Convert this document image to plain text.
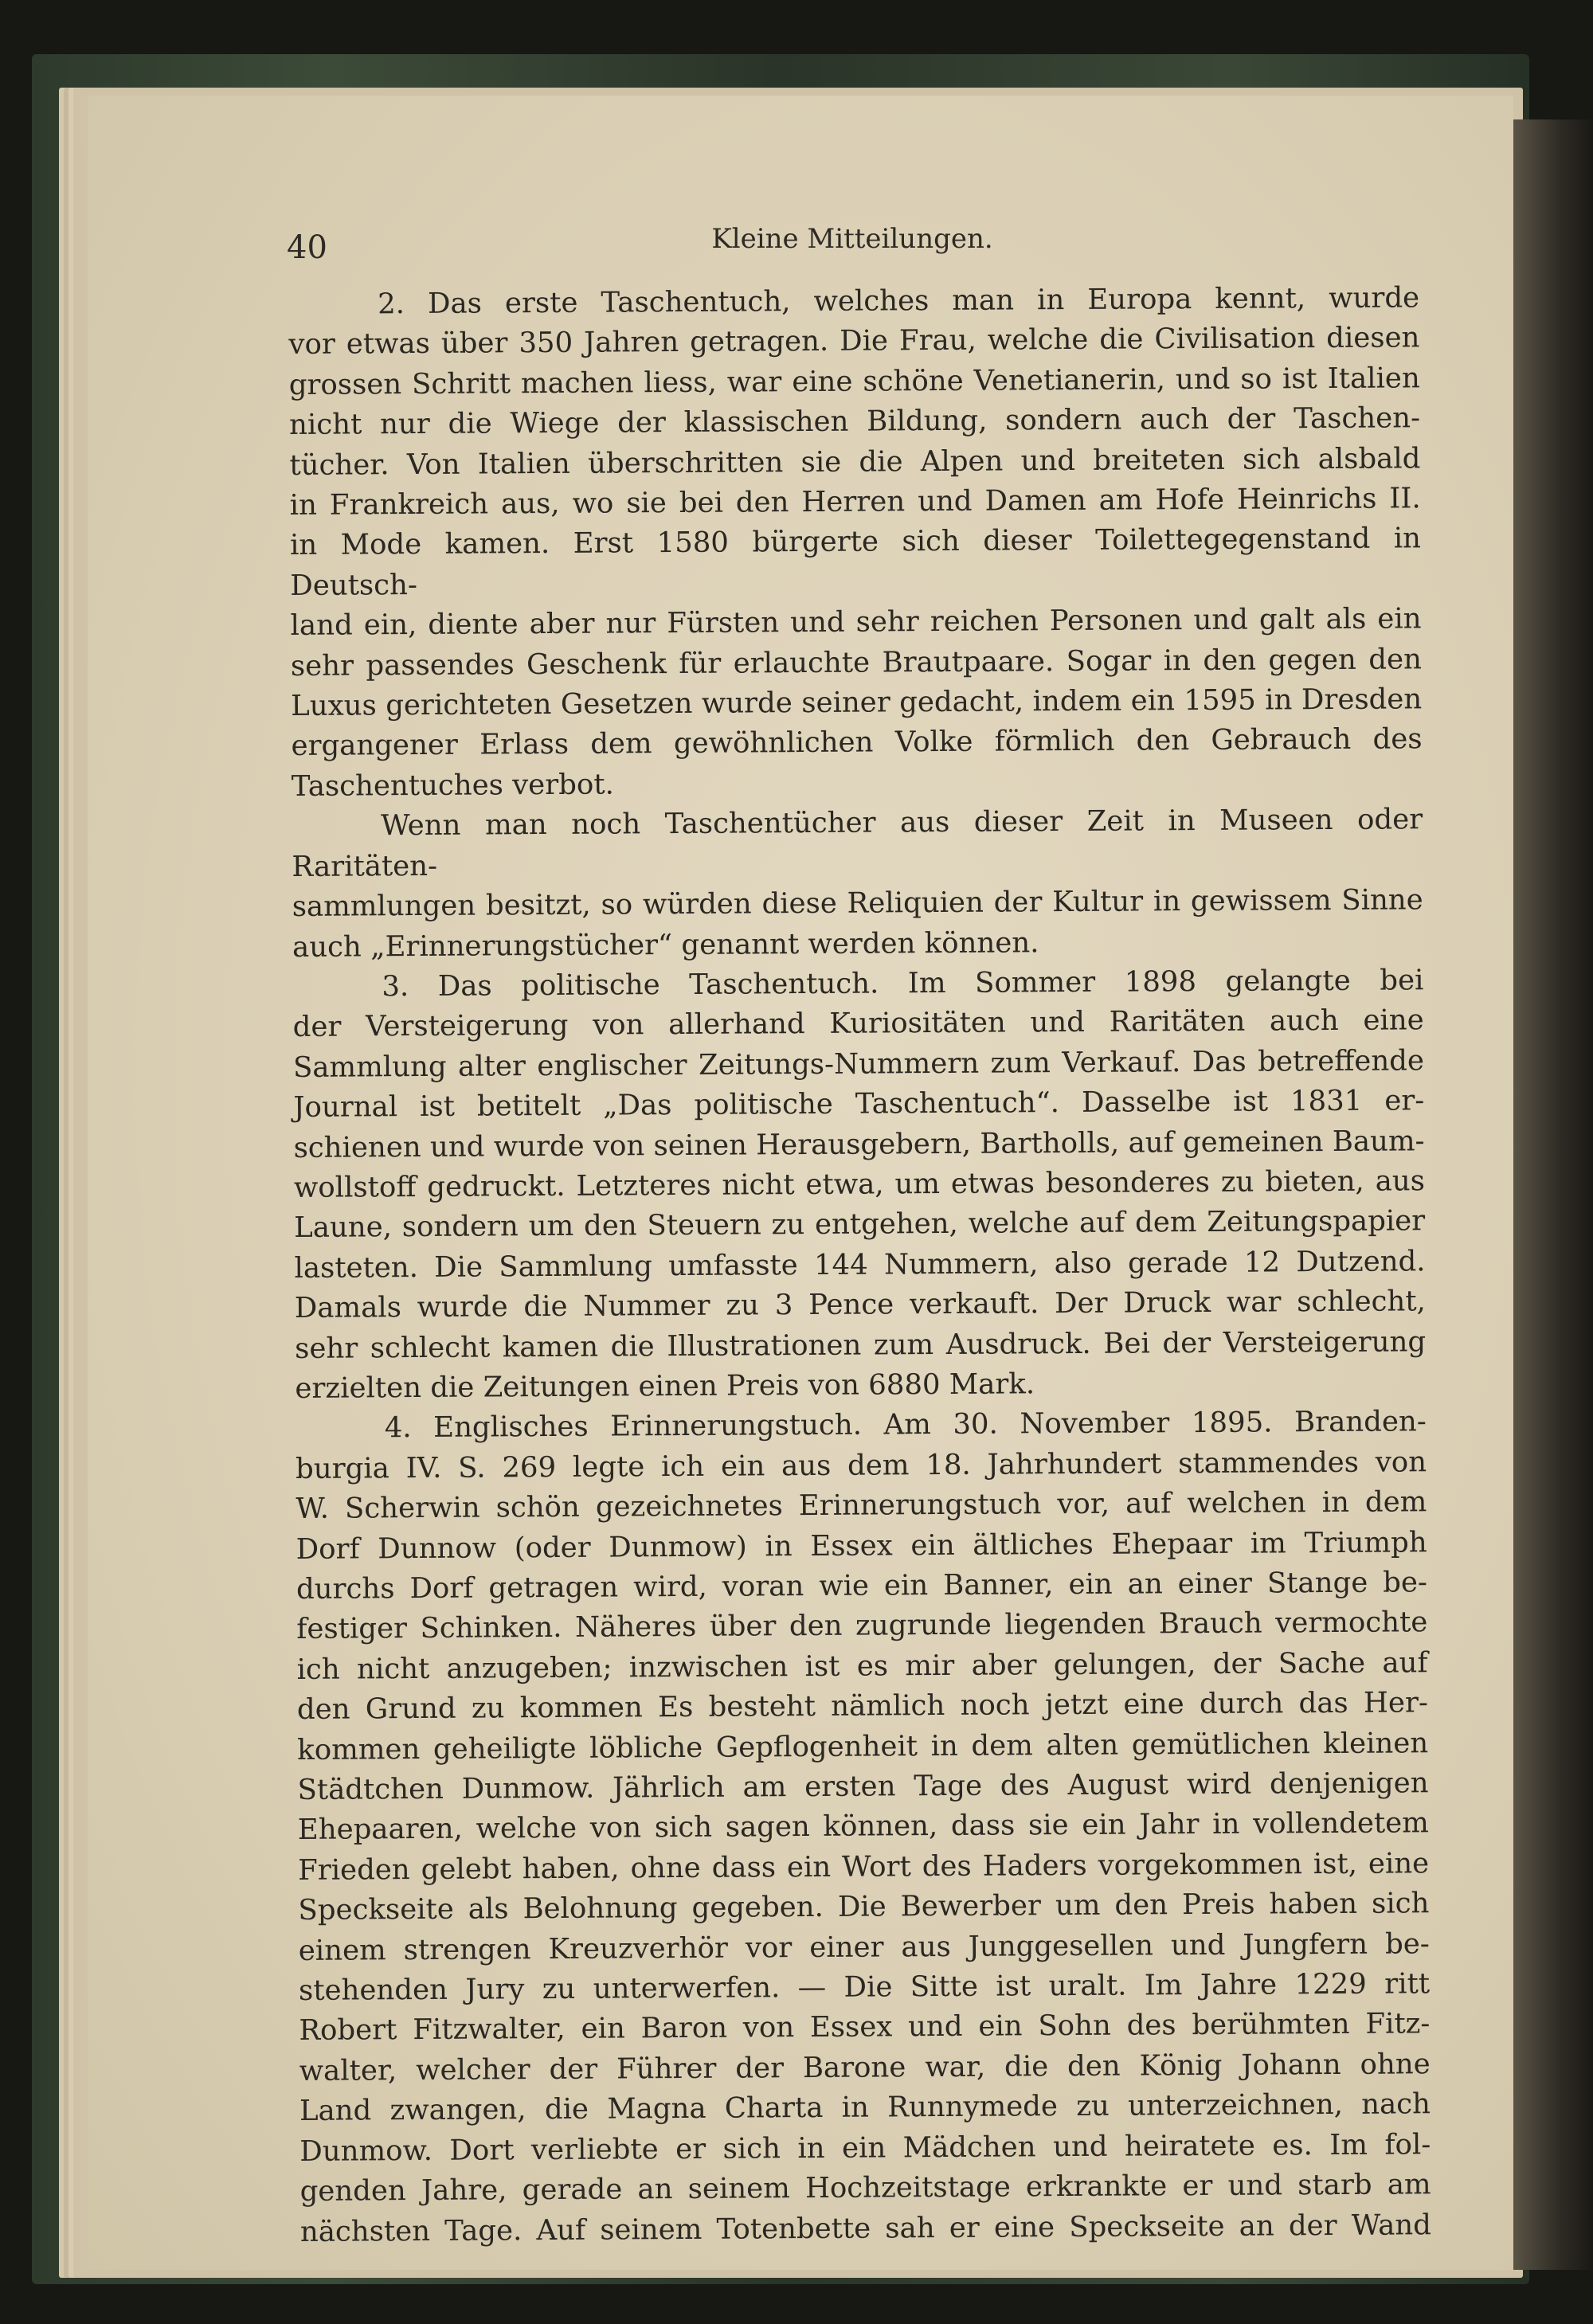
40	Kleine Mitteilungen.
2. Das erste Taschentuch, welches man in Europa kennt, wurde
vor etwas über 350 Jahren getragen. Die Frau, welche die Civilisation diesen
grossen Schritt machen liess, war eine schöne Venetianerin, und so ist Italien
nicht nur die Wiege der klassischen Bildung, sondern auch der Taschen-
tücher. Von Italien überschritten sie die Alpen und breiteten sich alsbald
in Frankreich aus, wo sie bei den Herren und Damen am Hofe Heinrichs II.
in Mode kamen. Erst 1580 bürgerte sich dieser Toilettegegenstand in Deutsch-
land ein, diente aber nur Fürsten und sehr reichen Personen und galt als ein
sehr passendes Geschenk für erlauchte Brautpaare. Sogar in den gegen den
Luxus gerichteten Gesetzen wurde seiner gedacht, indem ein 1595 in Dresden
ergangener Erlass dem gewöhnlichen Volke förmlich den Gebrauch des
Taschentuches verbot.
Wenn man noch Taschentücher aus dieser Zeit in Museen oder Raritäten-
sammlungen besitzt, so würden diese Reliquien der Kultur in gewissem Sinne
auch „Erinnerungstücher“ genannt werden können.
3. Das politische Taschentuch. Im Sommer 1898 gelangte bei
der Versteigerung von allerhand Kuriositäten und Raritäten auch eine
Sammlung alter englischer Zeitungs-Nummern zum Verkauf. Das betreffende
Journal ist betitelt „Das politische Taschentuch“. Dasselbe ist 1831 er-
schienen und wurde von seinen Herausgebern, Bartholls, auf gemeinen Baum-
wollstoff gedruckt. Letzteres nicht etwa, um etwas besonderes zu bieten, aus
Laune, sondern um den Steuern zu entgehen, welche auf dem Zeitungspapier
lasteten. Die Sammlung umfasste 144 Nummern, also gerade 12 Dutzend.
Damals wurde die Nummer zu 3 Pence verkauft. Der Druck war schlecht,
sehr schlecht kamen die Illustrationen zum Ausdruck. Bei der Versteigerung
erzielten die Zeitungen einen Preis von 6880 Mark.
4. Englisches Erinnerungstuch. Am 30. November 1895. Branden-
burgia IV. S. 269 legte ich ein aus dem 18. Jahrhundert stammendes von
W. Scherwin schön gezeichnetes Erinnerungstuch vor, auf welchen in dem
Dorf Dunnow (oder Dunmow) in Essex ein ältliches Ehepaar im Triumph
durchs Dorf getragen wird, voran wie ein Banner, ein an einer Stange be-
festiger Schinken. Näheres über den zugrunde liegenden Brauch vermochte
ich nicht anzugeben; inzwischen ist es mir aber gelungen, der Sache auf
den Grund zu kommen Es besteht nämlich noch jetzt eine durch das Her-
kommen geheiligte löbliche Gepflogenheit in dem alten gemütlichen kleinen
Städtchen Dunmow. Jährlich am ersten Tage des August wird denjenigen
Ehepaaren, welche von sich sagen können, dass sie ein Jahr in vollendetem
Frieden gelebt haben, ohne dass ein Wort des Haders vorgekommen ist, eine
Speckseite als Belohnung gegeben. Die Bewerber um den Preis haben sich
einem strengen Kreuzverhör vor einer aus Junggesellen und Jungfern be-
stehenden Jury zu unterwerfen. — Die Sitte ist uralt. Im Jahre 1229 ritt
Robert Fitzwalter, ein Baron von Essex und ein Sohn des berühmten Fitz-
walter, welcher der Führer der Barone war, die den König Johann ohne
Land zwangen, die Magna Charta in Runnymede zu unterzeichnen, nach
Dunmow. Dort verliebte er sich in ein Mädchen und heiratete es. Im fol-
genden Jahre, gerade an seinem Hochzeitstage erkrankte er und starb am
nächsten Tage. Auf seinem Totenbette sah er eine Speckseite an der Wand
